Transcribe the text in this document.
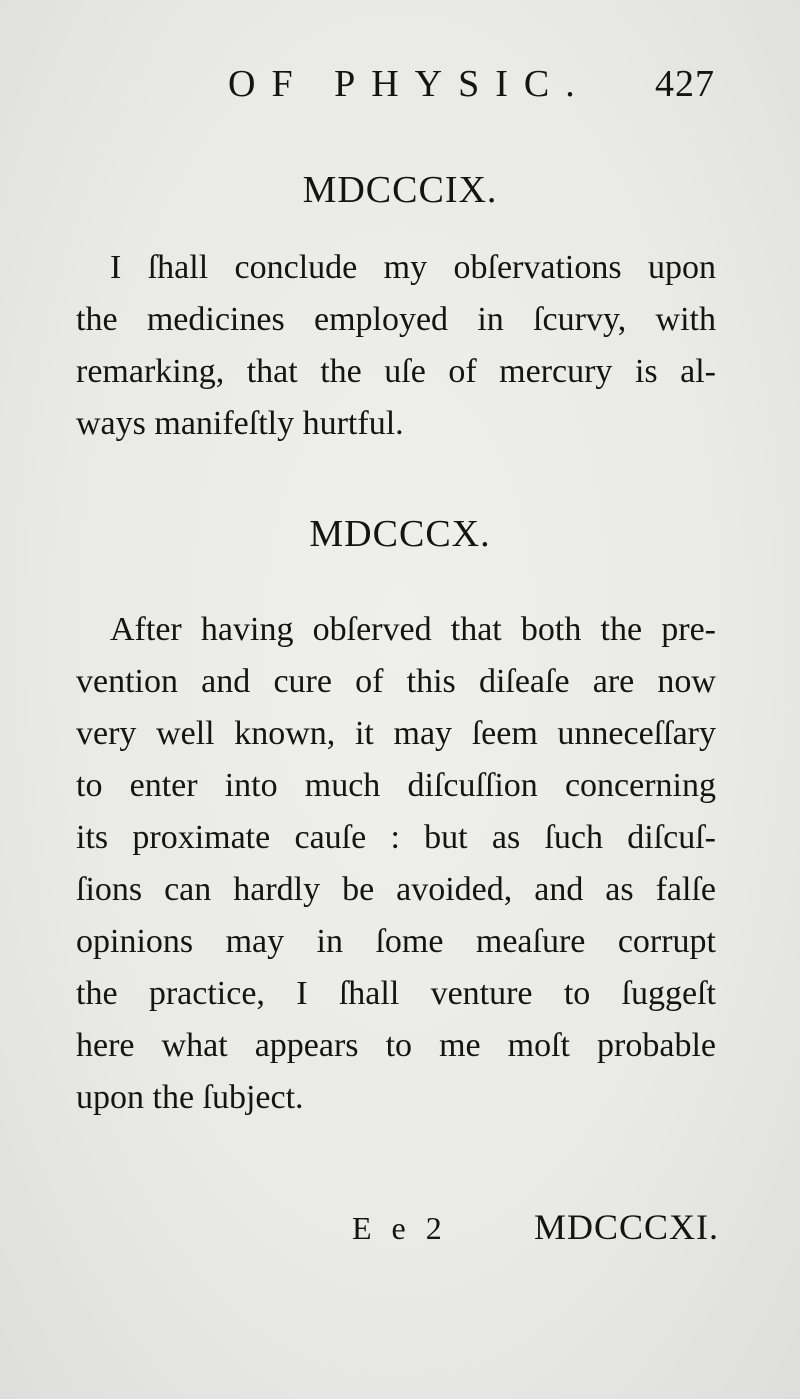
OF PHYSIC. 427
MDCCCIX.
I ſhall conclude my obſervations upon
the medicines employed in ſcurvy, with
remarking, that the uſe of mercury is al-
ways manifeſtly hurtful.
MDCCCX.
After having obſerved that both the pre-
vention and cure of this diſeaſe are now
very well known, it may ſeem unneceſſary
to enter into much diſcuſſion concerning
its proximate cauſe : but as ſuch diſcuſ-
ſions can hardly be avoided, and as falſe
opinions may in ſome meaſure corrupt
the practice, I ſhall venture to ſuggeſt
here what appears to me moſt probable
upon the ſubject.
E e 2 MDCCCXI.
